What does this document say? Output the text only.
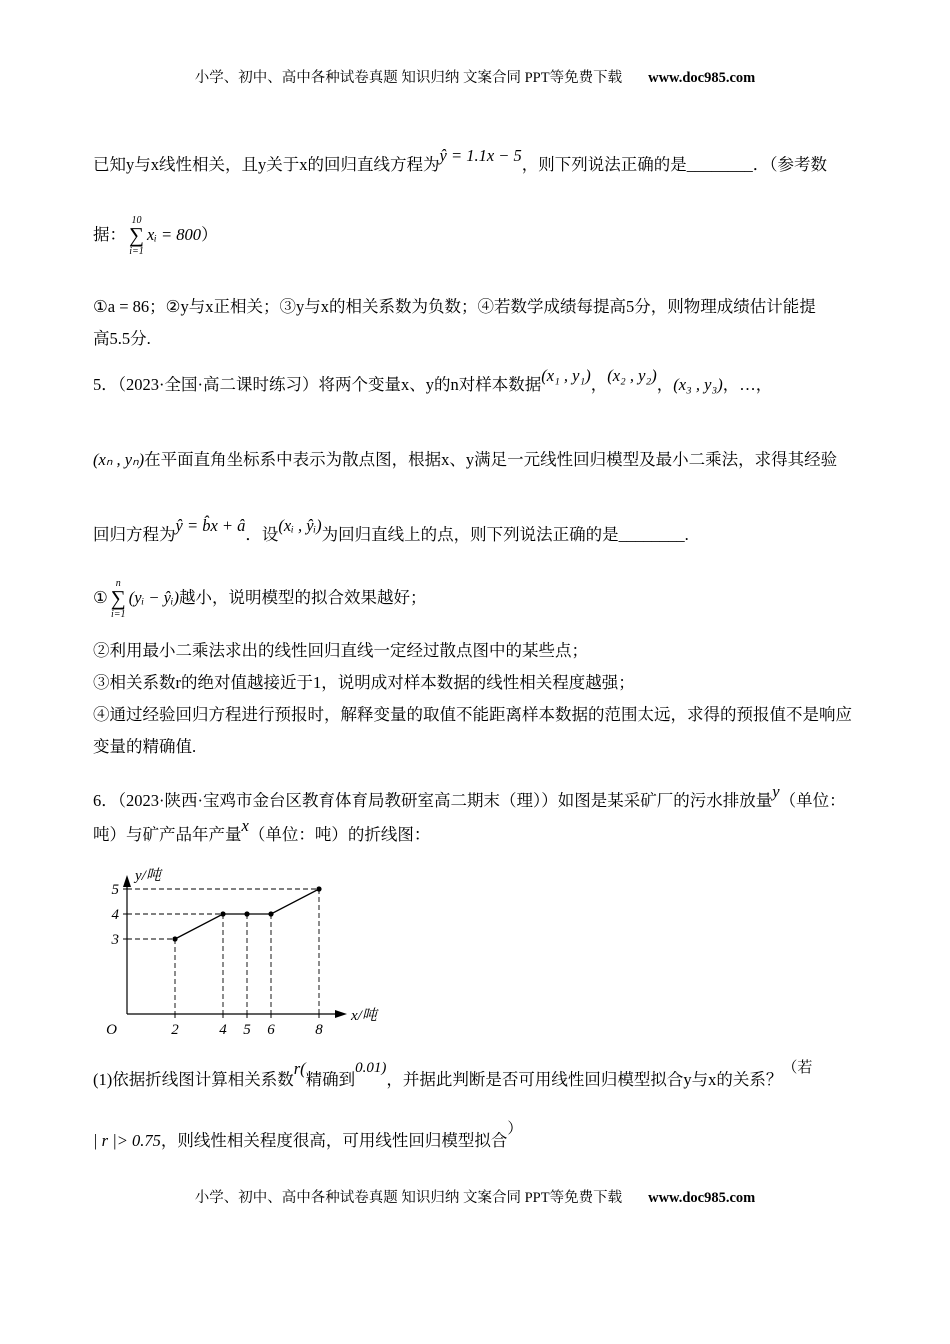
小学、初中、高中各种试卷真题 知识归纳 文案合同 PPT等免费下载 www.doc985.com
已知y与x线性相关，且y关于x的回归直线方程为ŷ = 1.1x − 5，则下列说法正确的是________．（参考数
据：
10
∑
i=1
xᵢ = 800）
①a = 86；②y与x正相关；③y与x的相关系数为负数；④若数学成绩每提高5分，则物理成绩估计能提
高5.5分.
5．（2023·全国·高二课时练习）将两个变量x、y的n对样本数据(x₁ , y₁)，(x₂ , y₂)，(x₃ , y₃)，…，
(xₙ , yₙ)在平面直角坐标系中表示为散点图，根据x、y满足一元线性回归模型及最小二乘法，求得其经验
回归方程为ŷ = b̂x + â．设(xᵢ , ŷᵢ)为回归直线上的点，则下列说法正确的是________.
①
n
∑
i=1
(yᵢ − ŷᵢ)越小，说明模型的拟合效果越好；
②利用最小二乘法求出的线性回归直线一定经过散点图中的某些点；
③相关系数r的绝对值越接近于1，说明成对样本数据的线性相关程度越强；
④通过经验回归方程进行预报时，解释变量的取值不能距离样本数据的范围太远，求得的预报值不是响应
变量的精确值.
6．（2023·陕西·宝鸡市金台区教育体育局教研室高二期末（理））如图是某采矿厂的污水排放量y（单位：
吨）与矿产品年产量x（单位：吨）的折线图：
3
4
5
2	4 5 6	8
O
y/吨
x/吨
(1)依据折线图计算相关系数r(精确到0.01)，并据此判断是否可用线性回归模型拟合y与x的关系？（若
| r |> 0.75，则线性相关程度很高，可用线性回归模型拟合）
小学、初中、高中各种试卷真题 知识归纳 文案合同 PPT等免费下载 www.doc985.com
